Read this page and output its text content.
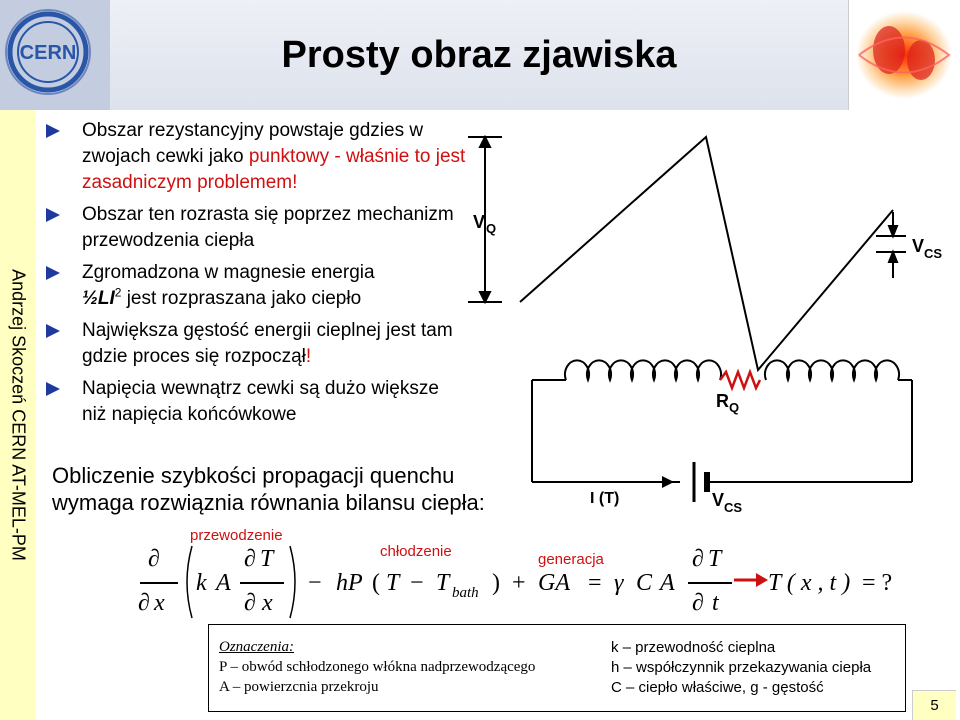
CERN	Prosty obraz zjawiska
Andrzej Skoczeń CERN AT-MEL-PM
Obszar rezystancyjny powstaje gdzies w zwojach cewki jako punktowy - właśnie to jest zasadniczym problemem!
Obszar ten rozrasta się poprzez mechanizm przewodzenia ciepła
Zgromadzona w magnesie energia
$\frac{1}{2}LI^2$ jest rozpraszana jako ciepło
Największa gęstość energii cieplnej jest tam gdzie proces się rozpoczął!
Napięcia wewnątrz cewki są dużo większe niż napięcia końcówkowe
V Q
V CS
R Q
I (T)	V CS
Obliczenie szybkości propagacji quenchu wymaga rozwiąznia równania bilansu ciepła:
przewodzenie
chłodzenie	generacja
∂
∂ x
k A
∂ T
∂ x
− hP ( T − T bath ) + GA = γ C A
∂ T
∂ t
T ( x , t ) = ?
Oznaczenia:
P – obwód schłodzonego włókna nadprzewodzącego
A – powierzcnia przekroju
k – przewodność cieplna
h – współczynnik przekazywania ciepła
C – ciepło właściwe, g - gęstość
5
